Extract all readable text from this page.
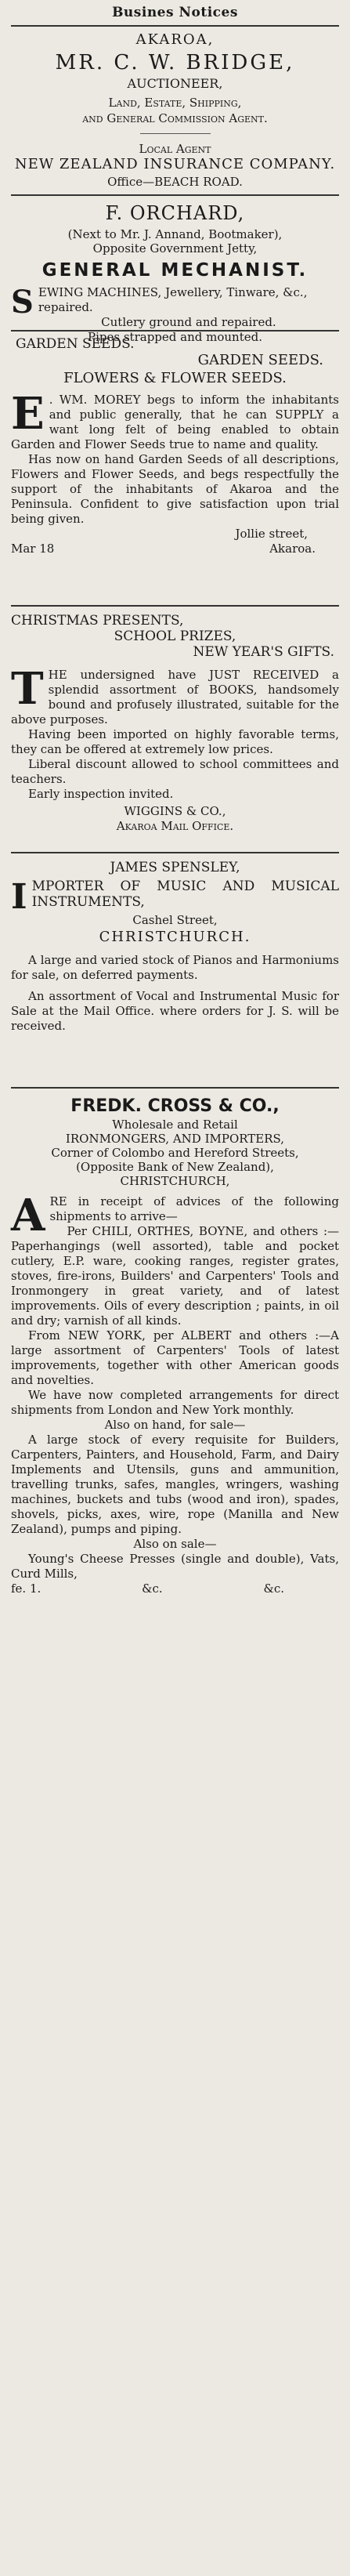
Busines Notices

AKAROA,

MR. C. W. BRIDGE,

AUCTIONEER,

Land, Estate, Shipping,

and General Commission Agent.

Local Agent

NEW ZEALAND INSURANCE COMPANY.

Office—BEACH ROAD.

F. ORCHARD,

(Next to Mr. J. Annand, Bootmaker),

Opposite Government Jetty,

GENERAL MECHANIST.

S EWING MACHINES, Jewellery, Tinware, &c., repaired.

Cutlery ground and repaired.

Pipes strapped and mounted.

GARDEN SEEDS.

GARDEN SEEDS.

FLOWERS & FLOWER SEEDS.

E . WM. MOREY begs to inform the inhabitants and public generally, that he can SUPPLY a want long felt of being enabled to obtain Garden and Flower Seeds true to name and quality.

Has now on hand Garden Seeds of all descriptions, Flowers and Flower Seeds, and begs respectfully the support of the inhabitants of Akaroa and the Peninsula. Confident to give satisfaction upon trial being given.

Jollie street,

Mar 18	Akaroa.

CHRISTMAS PRESENTS,

SCHOOL PRIZES,

NEW YEAR'S GIFTS.

T HE undersigned have JUST RECEIVED a splendid assortment of BOOKS, handsomely bound and profusely illustrated, suitable for the above purposes.

Having been imported on highly favorable terms, they can be offered at extremely low prices.

Liberal discount allowed to school committees and teachers.

Early inspection invited.

WIGGINS & CO.,

Akaroa Mail Office.

JAMES SPENSLEY,

I MPORTER OF MUSIC AND MUSICAL INSTRUMENTS,

Cashel Street,

CHRISTCHURCH.

A large and varied stock of Pianos and Harmoniums for sale, on deferred payments.

An assortment of Vocal and Instrumental Music for Sale at the Mail Office. where orders for J. S. will be received.

FREDK. CROSS & CO.,

Wholesale and Retail

IRONMONGERS, AND IMPORTERS,

Corner of Colombo and Hereford Streets,

(Opposite Bank of New Zealand),

CHRISTCHURCH,

A RE in receipt of advices of the following shipments to arrive—

Per CHILI, ORTHES, BOYNE, and others :—Paperhangings (well assorted), table and pocket cutlery, E.P. ware, cooking ranges, register grates, stoves, fire-irons, Builders' and Carpenters' Tools and Ironmongery in great variety, and of latest improvements. Oils of every description ; paints, in oil and dry; varnish of all kinds.

From NEW YORK, per ALBERT and others :—A large assortment of Carpenters' Tools of latest improvements, together with other American goods and novelties.

We have now completed arrangements for direct shipments from London and New York monthly.

Also on hand, for sale—

A large stock of every requisite for Builders, Carpenters, Painters, and Household, Farm, and Dairy Implements and Utensils, guns and ammunition, travelling trunks, safes, mangles, wringers, washing machines, buckets and tubs (wood and iron), spades, shovels, picks, axes, wire, rope (Manilla and New Zealand), pumps and piping.

Also on sale—

Young's Cheese Presses (single and double), Vats, Curd Mills,

fe. 1.	&c.	&c.
